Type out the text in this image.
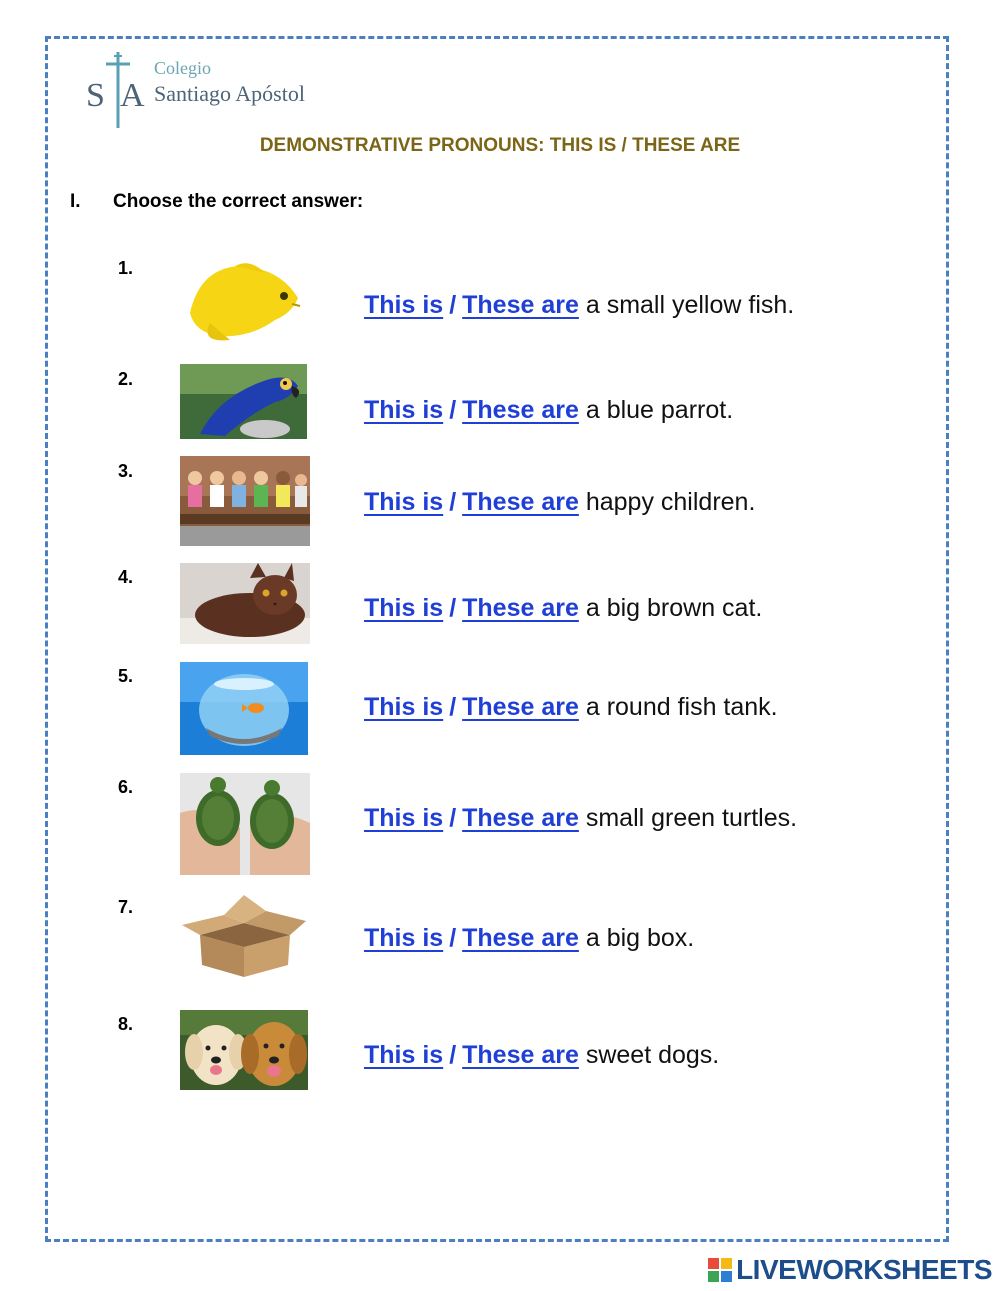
S A
Colegio
Santiago Apóstol
DEMONSTRATIVE PRONOUNS: THIS IS / THESE ARE
I. Choose the correct answer:
1.
This is / These are a small yellow fish.
2.
This is / These are a blue parrot.
3.
This is / These are happy children.
4.
This is / These are a big brown cat.
5.
This is / These are a round fish tank.
6.
This is / These are small green turtles.
7.
This is / These are a big box.
8.
This is / These are sweet dogs.
LIVEWORKSHEETS
